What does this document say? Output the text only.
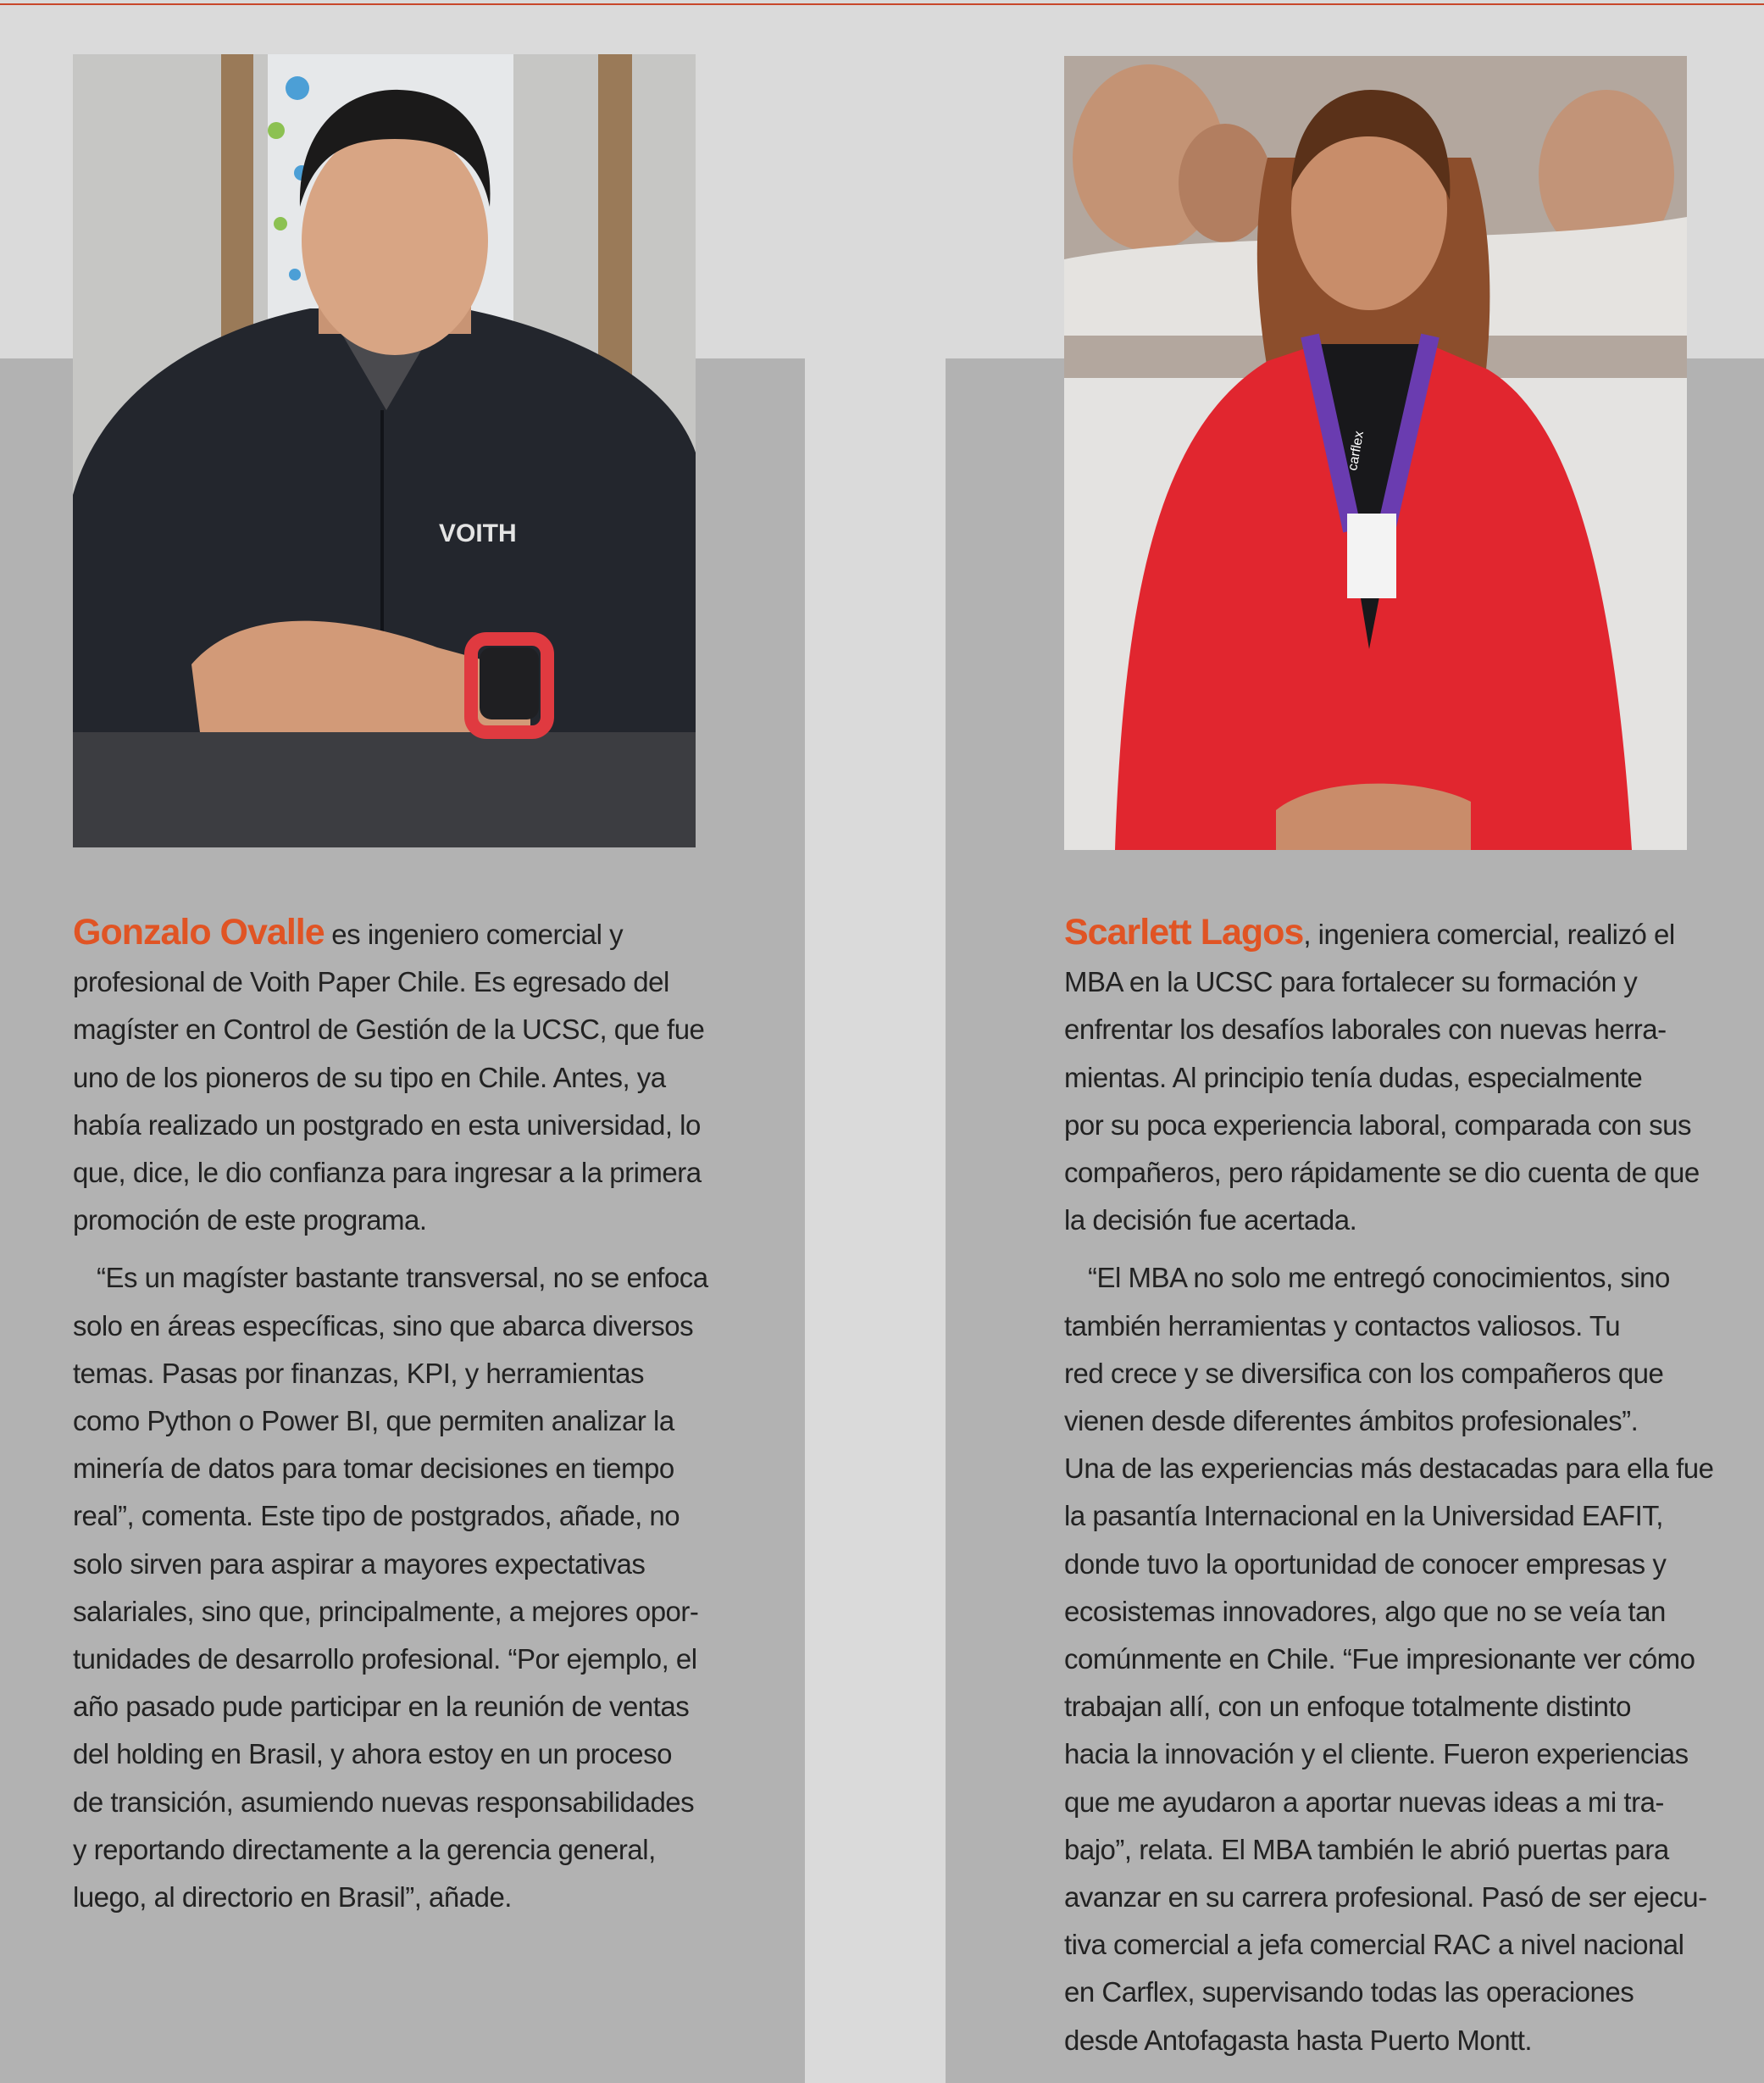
VOITH
carflex

Gonzalo Ovalle es ingeniero comercial y
profesional de Voith Paper Chile. Es egresado del
magíster en Control de Gestión de la UCSC, que fue
uno de los pioneros de su tipo en Chile. Antes, ya
había realizado un postgrado en esta universidad, lo
que, dice, le dio confianza para ingresar a la primera
promoción de este programa.

“Es un magíster bastante transversal, no se enfoca
solo en áreas específicas, sino que abarca diversos
temas. Pasas por finanzas, KPI, y herramientas
como Python o Power BI, que permiten analizar la
minería de datos para tomar decisiones en tiempo
real”, comenta. Este tipo de postgrados, añade, no
solo sirven para aspirar a mayores expectativas
salariales, sino que, principalmente, a mejores opor-
tunidades de desarrollo profesional. “Por ejemplo, el
año pasado pude participar en la reunión de ventas
del holding en Brasil, y ahora estoy en un proceso
de transición, asumiendo nuevas responsabilidades
y reportando directamente a la gerencia general,
luego, al directorio en Brasil”, añade.

Scarlett Lagos, ingeniera comercial, realizó el
MBA en la UCSC para fortalecer su formación y
enfrentar los desafíos laborales con nuevas herra-
mientas. Al principio tenía dudas, especialmente
por su poca experiencia laboral, comparada con sus
compañeros, pero rápidamente se dio cuenta de que
la decisión fue acertada.

“El MBA no solo me entregó conocimientos, sino
también herramientas y contactos valiosos. Tu
red crece y se diversifica con los compañeros que
vienen desde diferentes ámbitos profesionales”.
Una de las experiencias más destacadas para ella fue
la pasantía Internacional en la Universidad EAFIT,
donde tuvo la oportunidad de conocer empresas y
ecosistemas innovadores, algo que no se veía tan
comúnmente en Chile. “Fue impresionante ver cómo
trabajan allí, con un enfoque totalmente distinto
hacia la innovación y el cliente. Fueron experiencias
que me ayudaron a aportar nuevas ideas a mi tra-
bajo”, relata. El MBA también le abrió puertas para
avanzar en su carrera profesional. Pasó de ser ejecu-
tiva comercial a jefa comercial RAC a nivel nacional
en Carflex, supervisando todas las operaciones
desde Antofagasta hasta Puerto Montt.
